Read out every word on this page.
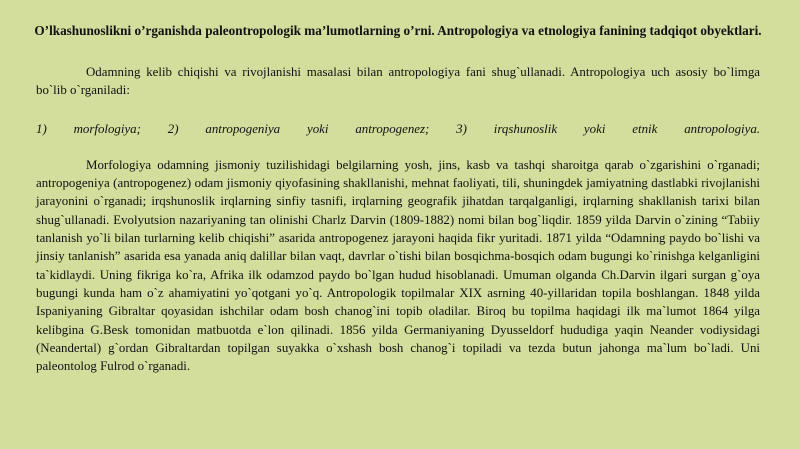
O’lkashunoslikni o’rganishda paleontropologik ma’lumotlarning o’rni. Antropologiya va etnologiya fanining tadqiqot obyektlari.
Odamning kelib chiqishi va rivojlanishi masalasi bilan antropologiya fani shug`ullanadi. Antropologiya uch asosiy bo`limga bo`lib o`rganiladi:
1) morfologiya; 2) antropogeniya yoki antropogenez; 3) irqshunoslik yoki etnik antropologiya.
Morfologiya odamning jismoniy tuzilishidagi belgilarning yosh, jins, kasb va tashqi sharoitga qarab o`zgarishini o`rganadi; antropogeniya (antropogenez) odam jismoniy qiyofasining shakllanishi, mehnat faoliyati, tili, shuningdek jamiyatning dastlabki rivojlanishi jarayonini o`rganadi; irqshunoslik irqlarning sinfiy tasnifi, irqlarning geografik jihatdan tarqalganligi, irqlarning shakllanish tarixi bilan shug`ullanadi. Evolyutsion nazariyaning tan olinishi Charlz Darvin (1809-1882) nomi bilan bog`liqdir. 1859 yilda Darvin o`zining “Tabiiy tanlanish yo`li bilan turlarning kelib chiqishi” asarida antropogenez jarayoni haqida fikr yuritadi. 1871 yilda “Odamning paydo bo`lishi va jinsiy tanlanish” asarida esa yanada aniq dalillar bilan vaqt, davrlar o`tishi bilan bosqichma-bosqich odam bugungi ko`rinishga kelganligini ta`kidlaydi. Uning fikriga ko`ra, Afrika ilk odamzod paydo bo`lgan hudud hisoblanadi. Umuman olganda Ch.Darvin ilgari surgan g`oya bugungi kunda ham o`z ahamiyatini yo`qotgani yo`q. Antropologik topilmalar XIX asrning 40-yillaridan topila boshlangan. 1848 yilda Ispaniyaning Gibraltar qoyasidan ishchilar odam bosh chanog`ini topib oladilar. Biroq bu topilma haqidagi ilk ma`lumot 1864 yilga kelibgina G.Besk tomonidan matbuotda e`lon qilinadi. 1856 yilda Germaniyaning Dyusseldorf hududiga yaqin Neander vodiysidagi (Neandertal) g`ordan Gibraltardan topilgan suyakka o`xshash bosh chanog`i topiladi va tezda butun jahonga ma`lum bo`ladi. Uni paleontolog Fulrod o`rganadi.
